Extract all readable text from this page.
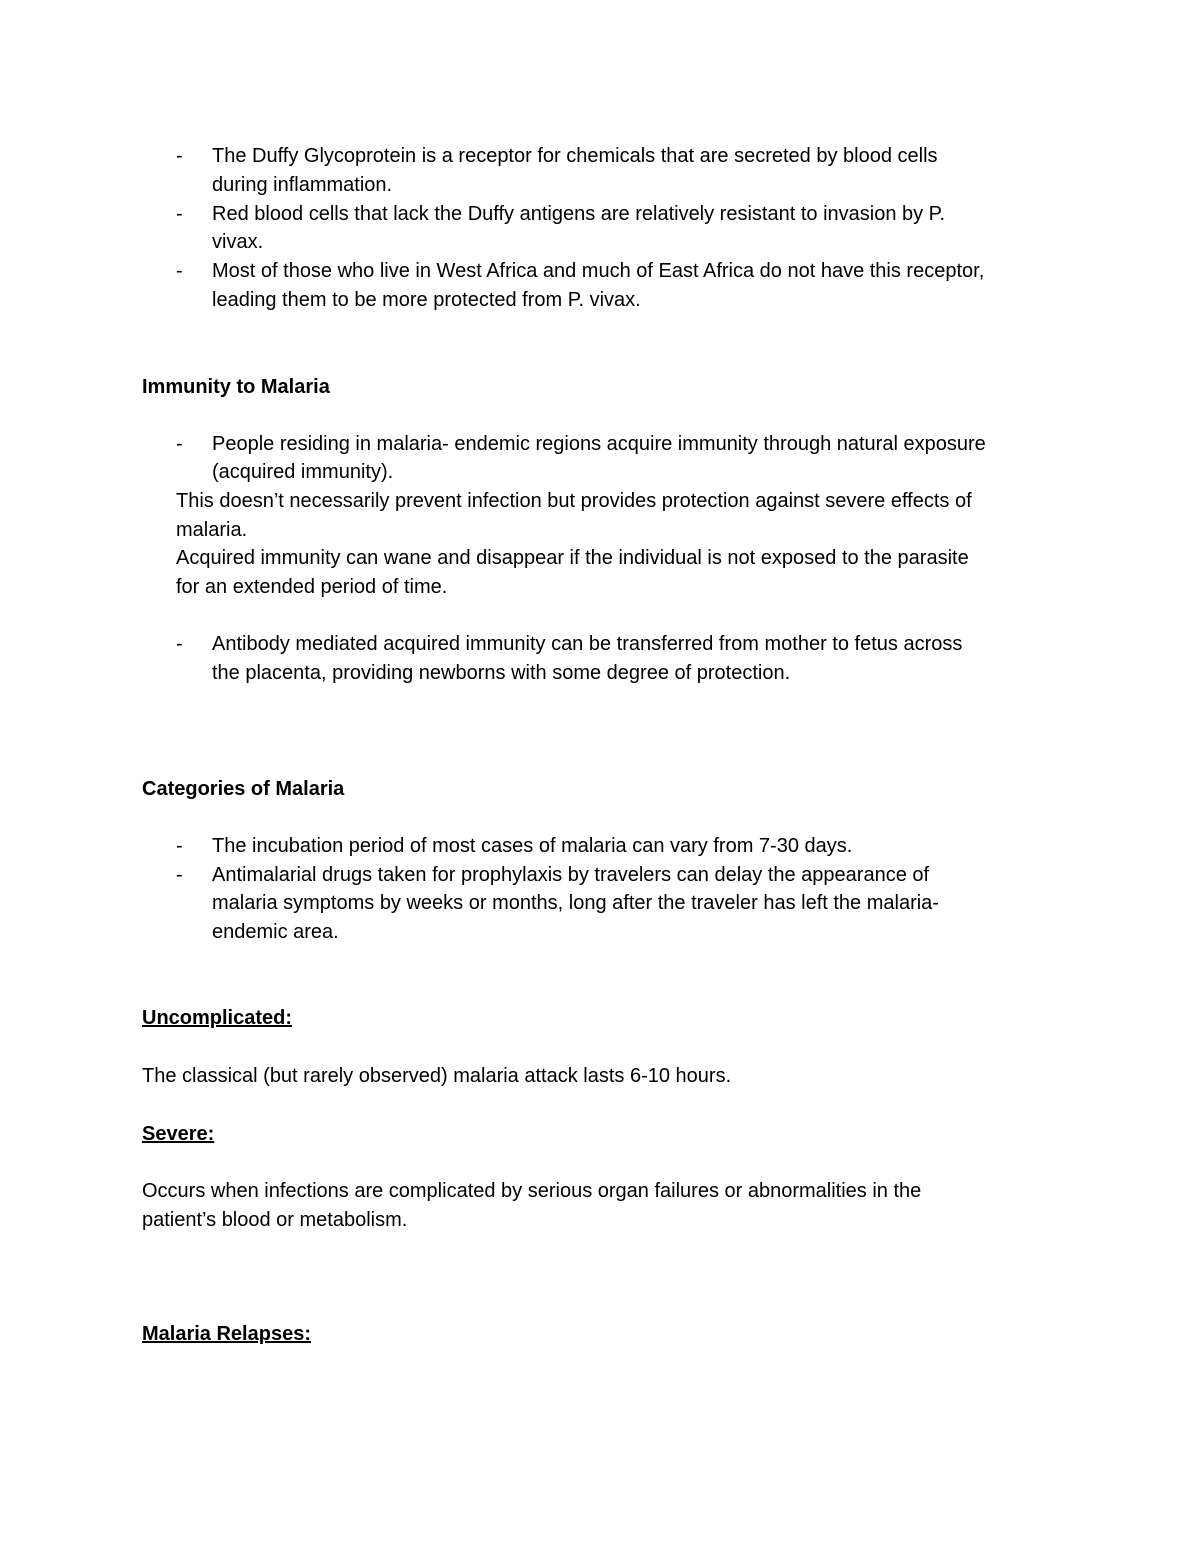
- The Duffy Glycoprotein is a receptor for chemicals that are secreted by blood cells

during inflammation.

- Red blood cells that lack the Duffy antigens are relatively resistant to invasion by P.

vivax.

- Most of those who live in West Africa and much of East Africa do not have this receptor,

leading them to be more protected from P. vivax.

Immunity to Malaria
- People residing in malaria- endemic regions acquire immunity through natural exposure

(acquired immunity).

This doesn’t necessarily prevent infection but provides protection against severe effects of

malaria.

Acquired immunity can wane and disappear if the individual is not exposed to the parasite

for an extended period of time.

- Antibody mediated acquired immunity can be transferred from mother to fetus across

the placenta, providing newborns with some degree of protection.

Categories of Malaria
- The incubation period of most cases of malaria can vary from 7-30 days.

- Antimalarial drugs taken for prophylaxis by travelers can delay the appearance of

malaria symptoms by weeks or months, long after the traveler has left the malaria-

endemic area.

Uncomplicated:

The classical (but rarely observed) malaria attack lasts 6-10 hours.

Severe:

Occurs when infections are complicated by serious organ failures or abnormalities in the

patient’s blood or metabolism.

Malaria Relapses:
